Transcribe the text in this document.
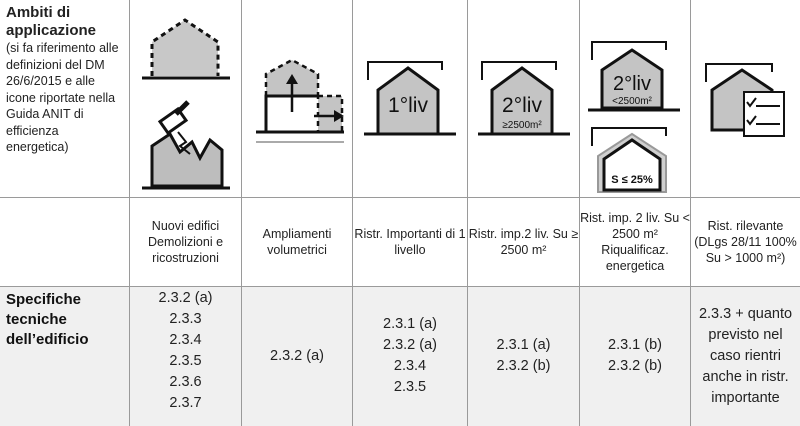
Ambiti di applicazione
(si fa riferimento alle definizioni del DM 26/6/2015 e alle icone riportate nella Guida ANIT di efficienza energetica)
1°liv	2°liv
≥2500m²
2°liv
<2500m²
S ≤ 25%
Nuovi edifici Demolizioni e ricostruzioni
Ampliamenti volumetrici
Ristr. Importanti di 1 livello
Ristr. imp.2 liv. Su ≥ 2500 m²
Rist. imp. 2 liv. Su < 2500 m² Riqualificaz. energetica
Rist. rilevante (DLgs 28/11 100% Su > 1000 m²)
Specifiche tecniche dell’edificio
2.3.2 (a)
2.3.3
2.3.4
2.3.5
2.3.6
2.3.7
2.3.2 (a)
2.3.1 (a)
2.3.2 (a)
2.3.4
2.3.5
2.3.1 (a)
2.3.2 (b)
2.3.1 (b)
2.3.2 (b)
2.3.3 + quanto previsto nel caso rientri anche in ristr. importante
